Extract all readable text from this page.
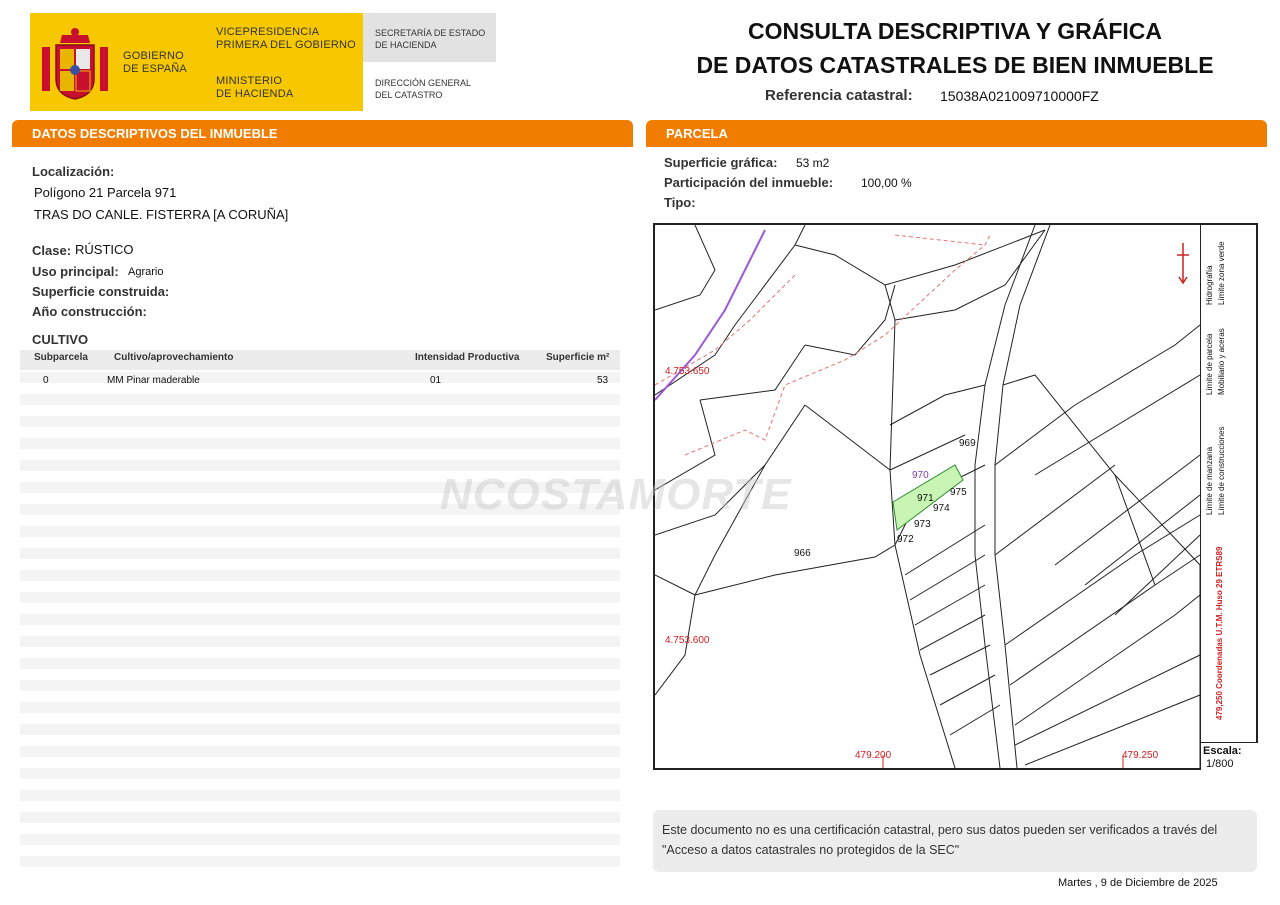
GOBIERNO
DE ESPAÑA
VICEPRESIDENCIA
PRIMERA DEL GOBIERNO
MINISTERIO
DE HACIENDA
SECRETARÍA DE ESTADO
DE HACIENDA
DIRECCIÓN GENERAL
DEL CATASTRO
CONSULTA DESCRIPTIVA Y GRÁFICA
DE DATOS CATASTRALES DE BIEN INMUEBLE
Referencia catastral: 15038A021009710000FZ
DATOS DESCRIPTIVOS DEL INMUEBLE
Localización:
Polígono 21 Parcela 971
TRAS DO CANLE. FISTERRA [A CORUÑA]
Clase: RÚSTICO
Uso principal: Agrario
Superficie construida:
Año construcción:
CULTIVO
Subparcela	Cultivo/aprovechamiento	Intensidad Productiva	Superficie m²
0	MM Pinar maderable	01	53
PARCELA
Superficie gráfica: 53 m2
Participación del inmueble: 100,00 %
Tipo:
969
970
971
975
974
973
972
966
4.753.650
4.753.600
479.200	479.250
Límite de manzana
Límite de parcela
Hidrografía
Límite de construcciones
Mobiliario y aceras
Límite zona verde
479,250 Coordenadas U.T.M. Huso 29 ETRS89
Escala:
1/800
NCOSTAMORTE
Este documento no es una certificación catastral, pero sus datos pueden ser verificados a través del "Acceso a datos catastrales no protegidos de la SEC"
Martes , 9 de Diciembre de 2025
